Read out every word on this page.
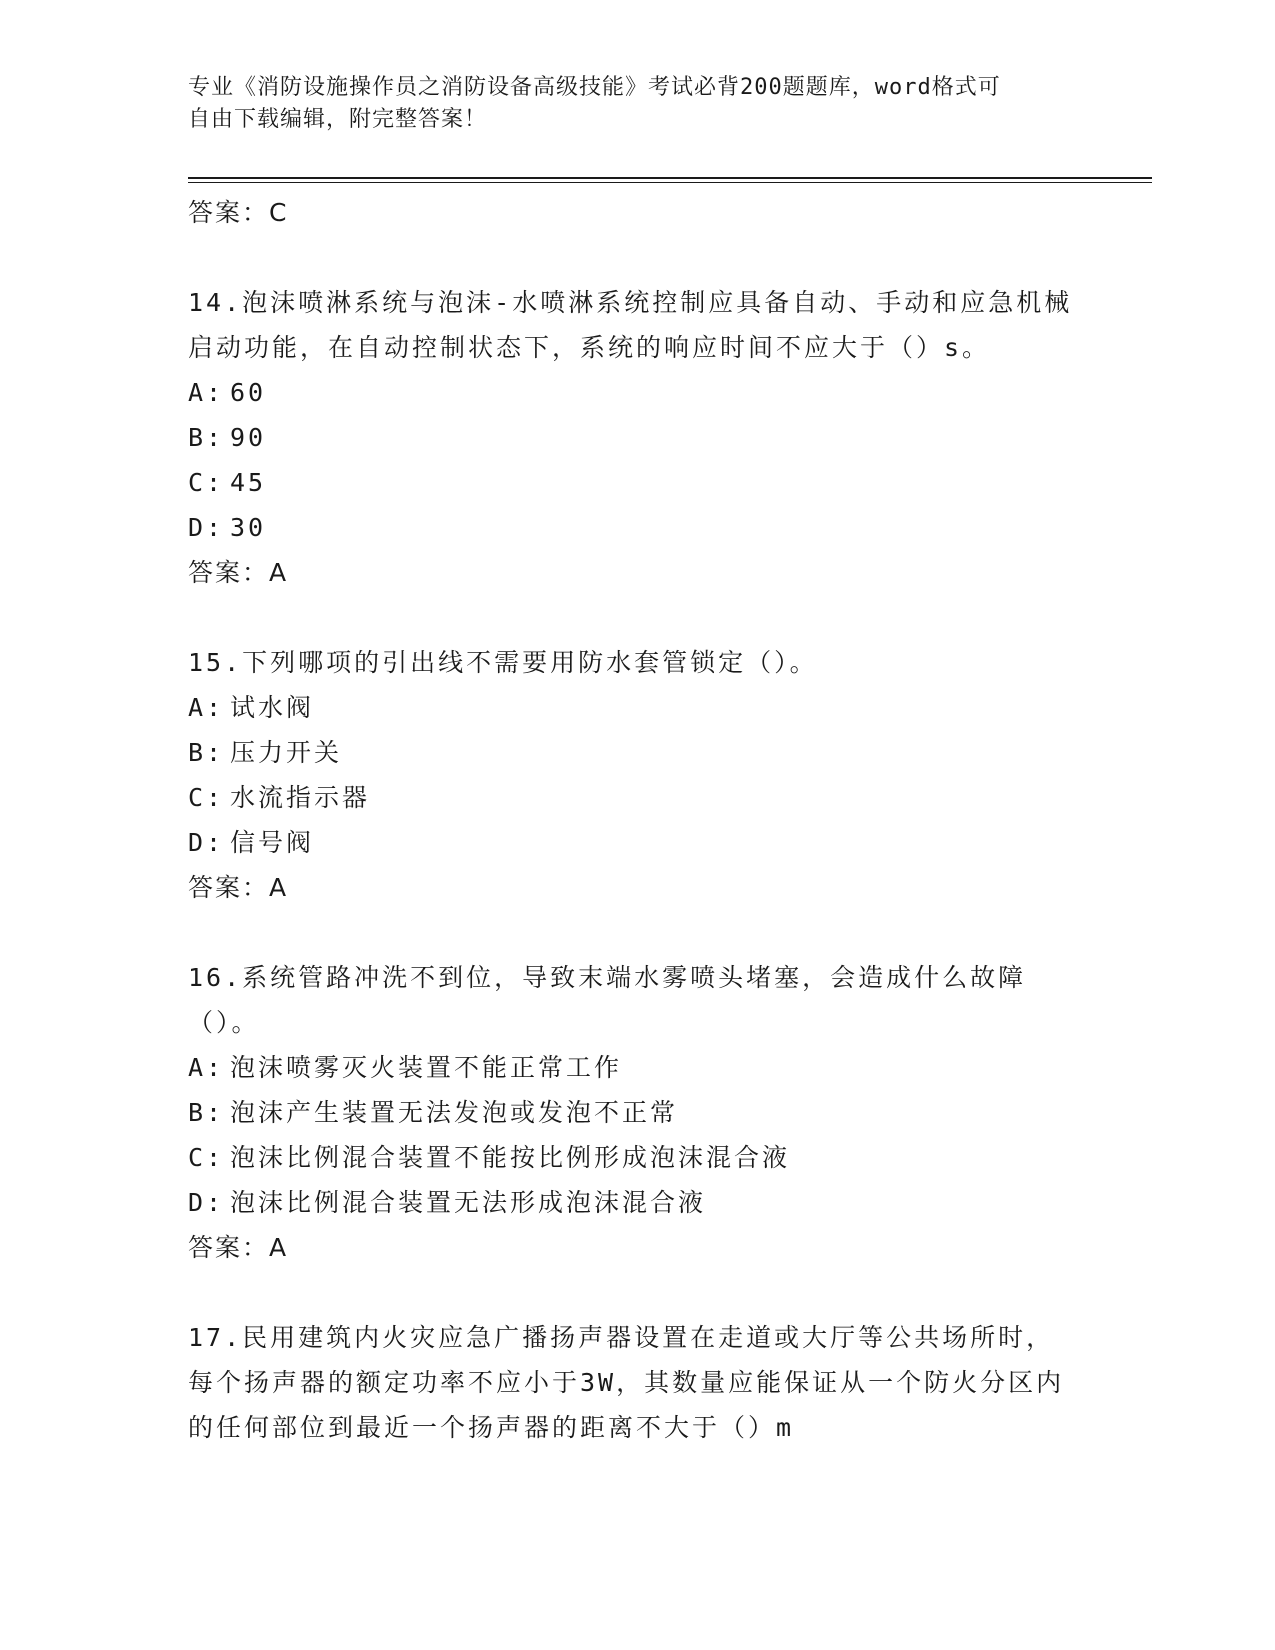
专业《消防设施操作员之消防设备高级技能》考试必背200题题库，word格式可
自由下载编辑，附完整答案！
答案：C
14.泡沫喷淋系统与泡沫-水喷淋系统控制应具备自动、手动和应急机械启动功能，在自动控制状态下，系统的响应时间不应大于（）s。
A: 60
B: 90
C: 45
D: 30
答案：A
15.下列哪项的引出线不需要用防水套管锁定（）。
A: 试水阀
B: 压力开关
C: 水流指示器
D: 信号阀
答案：A
16.系统管路冲洗不到位，导致末端水雾喷头堵塞，会造成什么故障（）。
A: 泡沫喷雾灭火装置不能正常工作
B: 泡沫产生装置无法发泡或发泡不正常
C: 泡沫比例混合装置不能按比例形成泡沫混合液
D: 泡沫比例混合装置无法形成泡沫混合液
答案：A
17.民用建筑内火灾应急广播扬声器设置在走道或大厅等公共场所时，每个扬声器的额定功率不应小于3W，其数量应能保证从一个防火分区内的任何部位到最近一个扬声器的距离不大于（）m
